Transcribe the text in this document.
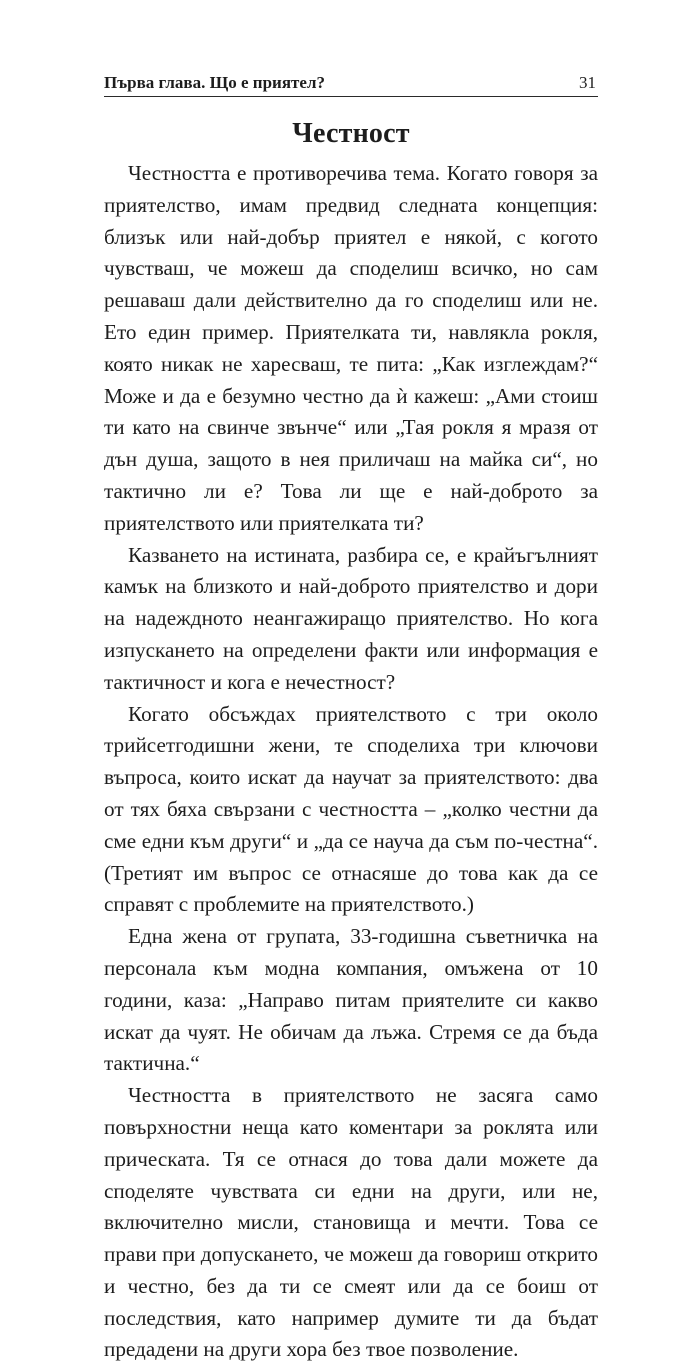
Първа глава. Що е приятел?	31
Честност

Честността е противоречива тема. Когато говоря за приятелство, имам предвид следната концепция: близък или най-добър приятел е някой, с когото чувстваш, че можеш да споделиш всичко, но сам решаваш дали действително да го споделиш или не. Ето един пример. Приятелката ти, навлякла рокля, която никак не харесваш, те пита: „Как изглеждам?“ Може и да е безумно честно да ѝ кажеш: „Ами стоиш ти като на свинче звънче“ или „Тая рокля я мразя от дън душа, защото в нея приличаш на майка си“, но тактично ли е? Това ли ще е най-доброто за приятелството или приятелката ти?

Казването на истината, разбира се, е крайъгълният камък на близкото и най-доброто приятелство и дори на надеждното неангажиращо приятелство. Но кога изпускането на определени факти или информация е тактичност и кога е нечестност?

Когато обсъждах приятелството с три около трийсетгодишни жени, те споделиха три ключови въпроса, които искат да научат за приятелството: два от тях бяха свързани с честността – „колко честни да сме едни към други“ и „да се науча да съм по-честна“. (Третият им въпрос се отнасяше до това как да се справят с проблемите на приятелството.)

Една жена от групата, 33-годишна съветничка на персонала към модна компания, омъжена от 10 години, каза: „Направо питам приятелите си какво искат да чуят. Не обичам да лъжа. Стремя се да бъда тактична.“

Честността в приятелството не засяга само повърхностни неща като коментари за роклята или прическата. Тя се отнася до това дали можете да споделяте чувствата си едни на други, или не, включително мисли, становища и мечти. Това се прави при допускането, че можеш да говориш открито и честно, без да ти се смеят или да се боиш от последствия, като например думите ти да бъдат предадени на други хора без твое позволение.
